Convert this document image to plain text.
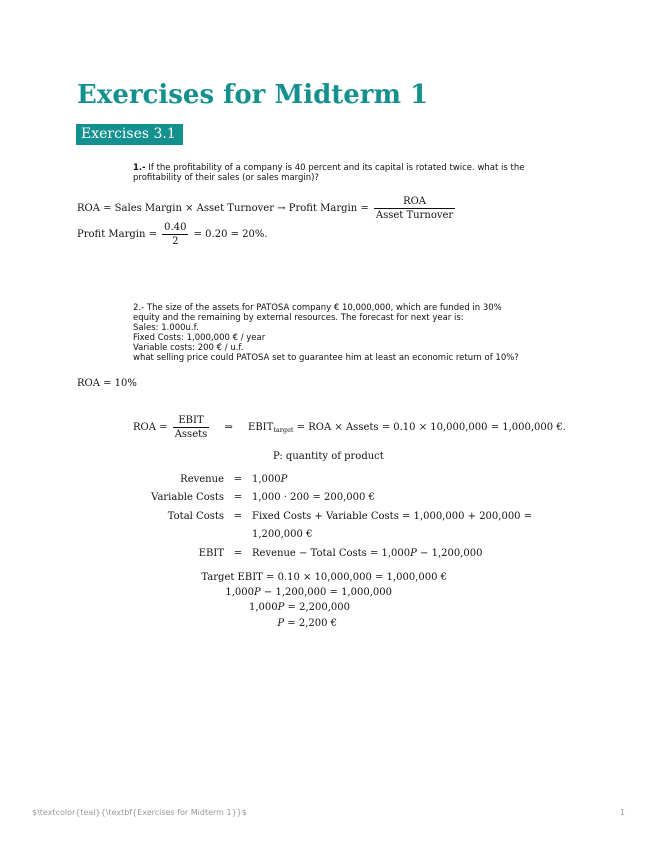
Exercises for Midterm 1
Exercises 3.1
1.- If the profitability of a company is 40 percent and its capital is rotated twice. what is the
profitability of their sales (or sales margin)?
ROA = Sales Margin × Asset Turnover → Profit Margin = $\frac{\text{ROA}}{\text{Asset Turnover}}$
Profit Margin = $\frac{0.40}{2} = 0.20 = 20\%$.
2.- The size of the assets for PATOSA company € 10,000,000, which are funded in 30%
equity and the remaining by external resources. The forecast for next year is:
Sales: 1.000u.f.
Fixed Costs: 1,000,000 € / year
Variable costs: 200 € / u.f.
what selling price could PATOSA set to guarantee him at least an economic return of 10%?
ROA = 10%
ROA = $\frac{\text{EBIT}}{\text{Assets}}$ ⇒ $EBIT_{target}$ = ROA × Assets = 0.10 × 10,000,000 = 1,000,000 €.
P: quantity of product
Revenue = 1,000P
Variable Costs = 1,000 · 200 = 200,000 €
Total Costs = Fixed Costs + Variable Costs = 1,000,000 + 200,000 =
1,200,000 €
EBIT = Revenue − Total Costs = 1,000P − 1,200,000
Target EBIT = 0.10 × 10,000,000 = 1,000,000 €
1,000P − 1,200,000 = 1,000,000
1,000P = 2,200,000
P = 2,200 €
$\textcolor{teal}{\textbf{Exercises for Midterm 1}}$	1
